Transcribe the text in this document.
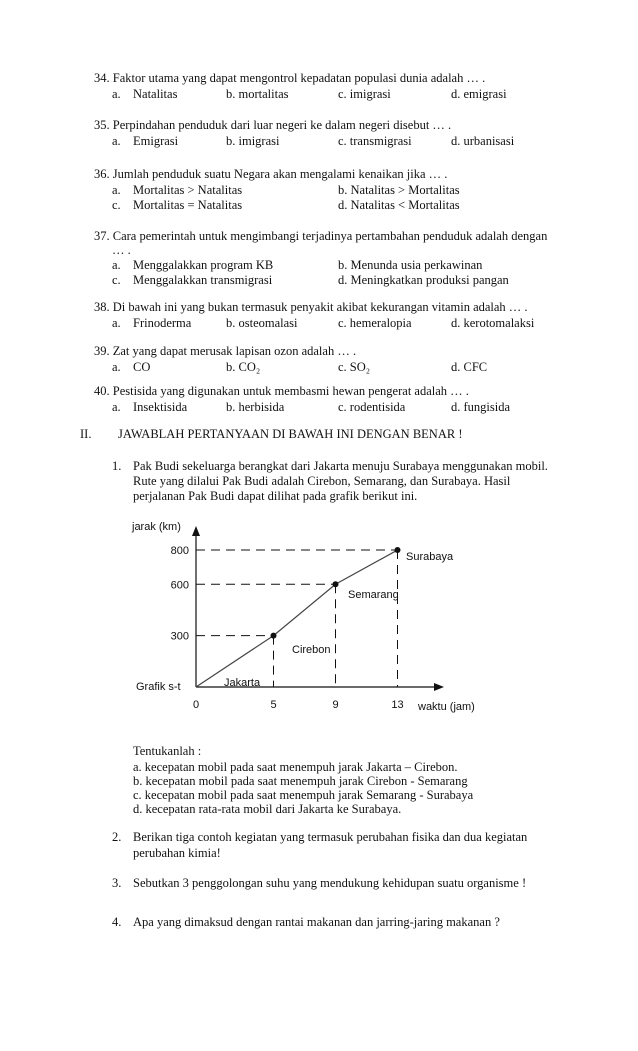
34. Faktor utama yang dapat mengontrol kepadatan populasi dunia adalah … .
a. Natalitas	b. mortalitas	c. imigrasi	d. emigrasi
35. Perpindahan penduduk dari luar negeri ke dalam negeri disebut … .
a. Emigrasi	b. imigrasi	c. transmigrasi	d. urbanisasi
36. Jumlah penduduk suatu Negara akan mengalami kenaikan jika … .
a. Mortalitas ˃ Natalitas	b. Natalitas ˃ Mortalitas
c. Mortalitas = Natalitas	d. Natalitas ˂ Mortalitas
37. Cara pemerintah untuk mengimbangi terjadinya pertambahan penduduk adalah dengan
… .
a. Menggalakkan program KB	b. Menunda usia perkawinan
c. Menggalakkan transmigrasi	d. Meningkatkan produksi pangan
38. Di bawah ini yang bukan termasuk penyakit akibat kekurangan vitamin adalah … .
a. Frinoderma	b. osteomalasi	c. hemeralopia	d. kerotomalaksi
39. Zat yang dapat merusak lapisan ozon adalah … .
a. CO	b. CO₂	c. SO₂	d. CFC
40. Pestisida yang digunakan untuk membasmi hewan pengerat adalah … .
a. Insektisida	b. herbisida	c. rodentisida	d. fungisida
II. JAWABLAH PERTANYAAN DI BAWAH INI DENGAN BENAR !
1. Pak Budi sekeluarga berangkat dari Jakarta menuju Surabaya menggunakan mobil.
Rute yang dilalui Pak Budi adalah Cirebon, Semarang, dan Surabaya. Hasil
perjalanan Pak Budi dapat dilihat pada grafik berikut ini.
300
600
800
0	5	9	13
jarak (km)
waktu (jam)
Grafik s-t	Jakarta
Cirebon
Semarang
Surabaya
Tentukanlah :
a. kecepatan mobil pada saat menempuh jarak Jakarta – Cirebon.
b. kecepatan mobil pada saat menempuh jarak Cirebon - Semarang
c. kecepatan mobil pada saat menempuh jarak Semarang - Surabaya
d. kecepatan rata-rata mobil dari Jakarta ke Surabaya.
2. Berikan tiga contoh kegiatan yang termasuk perubahan fisika dan dua kegiatan
perubahan kimia!
3. Sebutkan 3 penggolongan suhu yang mendukung kehidupan suatu organisme !
4. Apa yang dimaksud dengan rantai makanan dan jarring-jaring makanan ?
